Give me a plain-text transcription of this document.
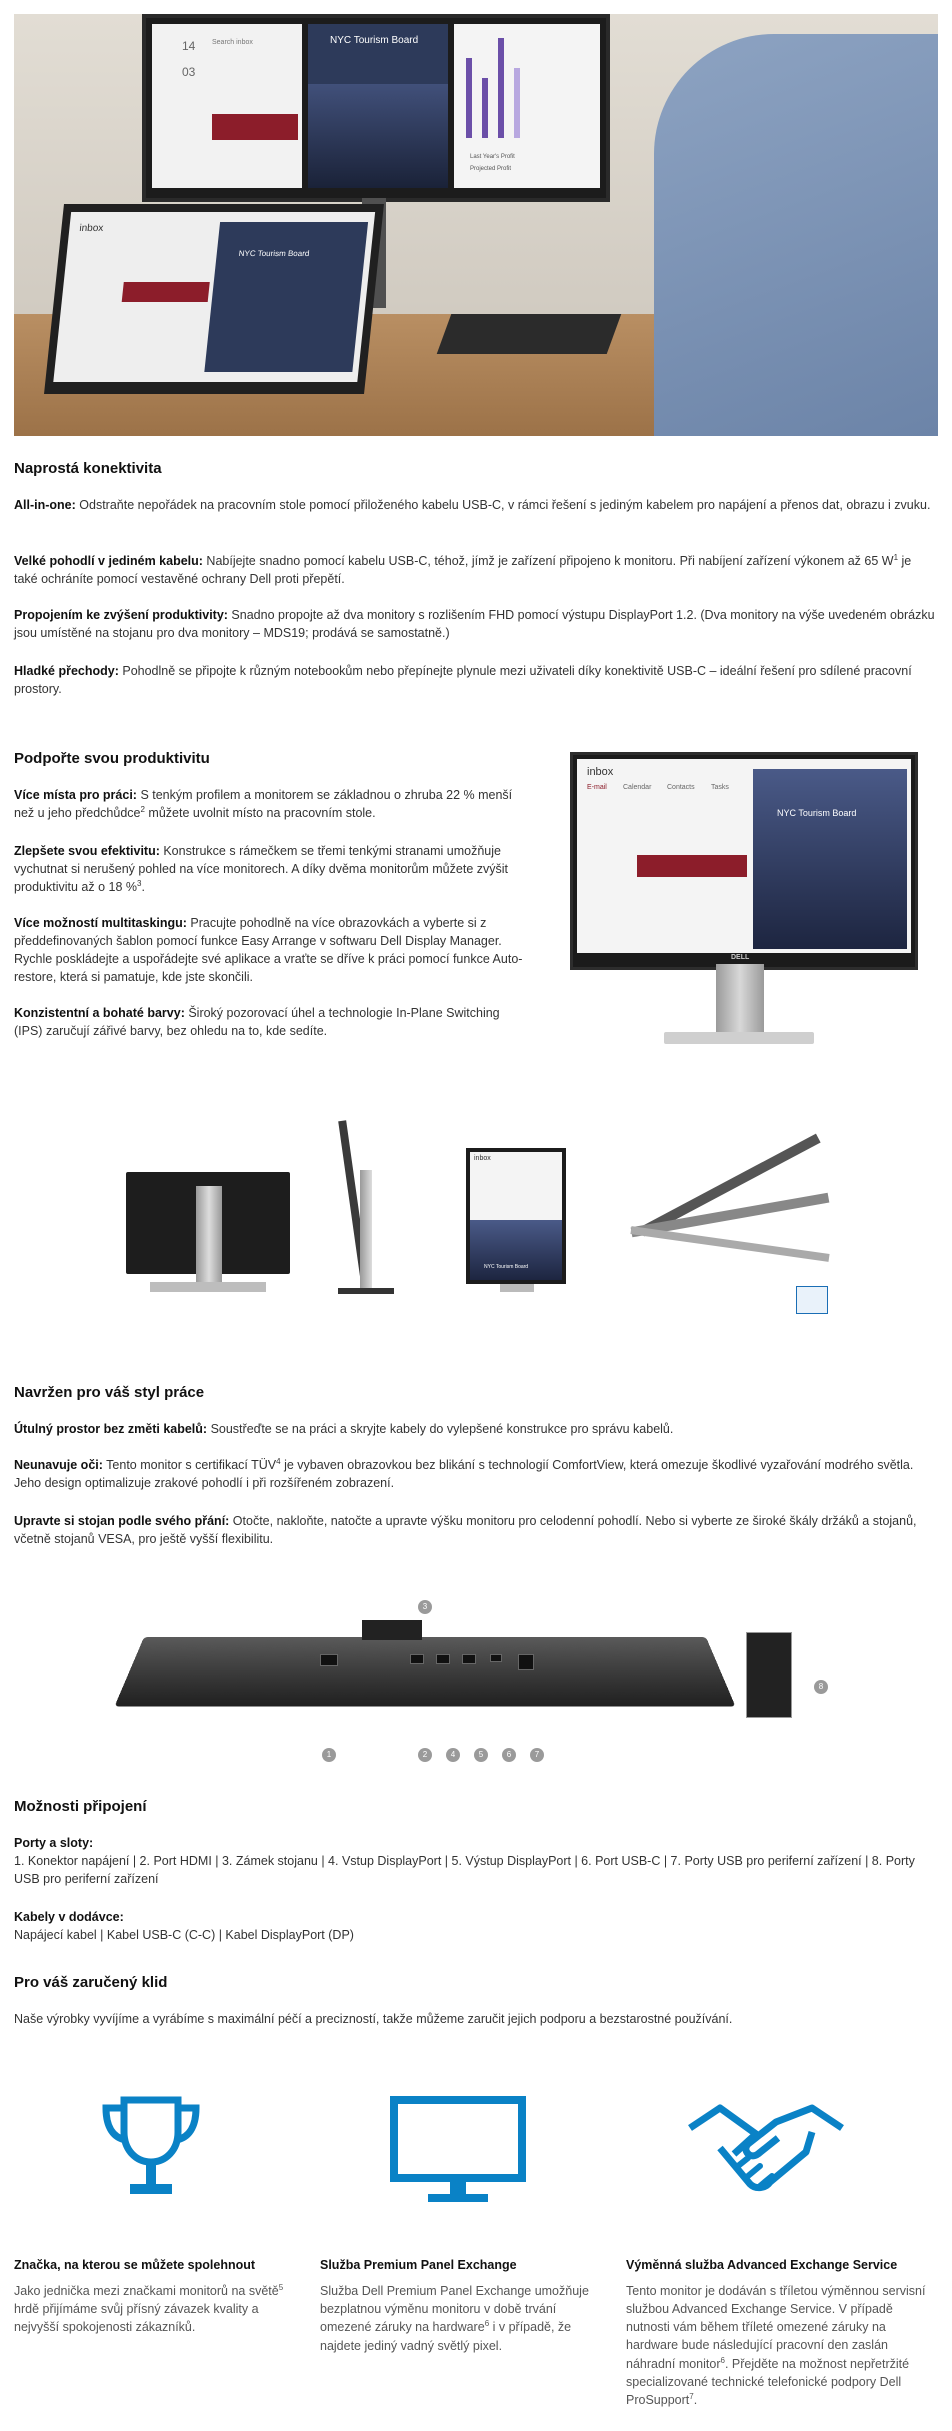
14
03
Search inbox	NYC Tourism Board
Last Year's Profit
Projected Profit
inbox
NYC Tourism Board
Naprostá konektivita

All-in-one: Odstraňte nepořádek na pracovním stole pomocí přiloženého kabelu USB-C, v rámci řešení s jediným kabelem pro napájení a přenos dat, obrazu i zvuku.

Velké pohodlí v jediném kabelu: Nabíjejte snadno pomocí kabelu USB-C, téhož, jímž je zařízení připojeno k monitoru. Při nabíjení zařízení výkonem až 65 $W^1$ je také ochráníte pomocí vestavěné ochrany Dell proti přepětí.

Propojením ke zvýšení produktivity: Snadno propojte až dva monitory s rozlišením FHD pomocí výstupu DisplayPort 1.2. (Dva monitory na výše uvedeném obrázku jsou umístěné na stojanu pro dva monitory – MDS19; prodává se samostatně.)

Hladké přechody: Pohodlně se připojte k různým notebookům nebo přepínejte plynule mezi uživateli díky konektivitě USB-C – ideální řešení pro sdílené pracovní prostory.

Podpořte svou produktivitu

Více místa pro práci: S tenkým profilem a monitorem se základnou o zhruba 22 % menší než u jeho předchůdce$^2$ můžete uvolnit místo na pracovním stole.

Zlepšete svou efektivitu: Konstrukce s rámečkem se třemi tenkými stranami umožňuje vychutnat si nerušený pohled na více monitorech. A díky dvěma monitorům můžete zvýšit produktivitu až o 18 %$^3$.

Více možností multitaskingu: Pracujte pohodlně na více obrazovkách a vyberte si z předdefinovaných šablon pomocí funkce Easy Arrange v softwaru Dell Display Manager. Rychle poskládejte a uspořádejte své aplikace a vraťte se dříve k práci pomocí funkce Auto-restore, která si pamatuje, kde jste skončili.

Konzistentní a bohaté barvy: Široký pozorovací úhel a technologie In-Plane Switching (IPS) zaručují zářivé barvy, bez ohledu na to, kde sedíte.

inbox
E-mail Calendar Contacts Tasks
NYC Tourism Board
DELL
inbox
NYC Tourism Board
Navržen pro váš styl práce

Útulný prostor bez změti kabelů: Soustřeďte se na práci a skryjte kabely do vylepšené konstrukce pro správu kabelů.

Neunavuje oči: Tento monitor s certifikací TÜV$^4$ je vybaven obrazovkou bez blikání s technologií ComfortView, která omezuje škodlivé vyzařování modrého světla. Jeho design optimalizuje zrakové pohodlí i při rozšířeném zobrazení.

Upravte si stojan podle svého přání: Otočte, nakloňte, natočte a upravte výšku monitoru pro celodenní pohodlí. Nebo si vyberte ze široké škály držáků a stojanů, včetně stojanů VESA, pro ještě vyšší flexibilitu.

1	2
3
4	5	6	7
8
Možnosti připojení

Porty a sloty:

1. Konektor napájení | 2. Port HDMI | 3. Zámek stojanu | 4. Vstup DisplayPort | 5. Výstup DisplayPort | 6. Port USB-C | 7. Porty USB pro periferní zařízení | 8. Porty USB pro periferní zařízení

Kabely v dodávce:

Napájecí kabel | Kabel USB-C (C-C) | Kabel DisplayPort (DP)

Pro váš zaručený klid

Naše výrobky vyvíjíme a vyrábíme s maximální péčí a precizností, takže můžeme zaručit jejich podporu a bezstarostné používání.

Značka, na kterou se můžete spolehnout

Jako jednička mezi značkami monitorů na světě$^5$ hrdě přijímáme svůj přísný závazek kvality a nejvyšší spokojenosti zákazníků.

Služba Premium Panel Exchange

Služba Dell Premium Panel Exchange umožňuje bezplatnou výměnu monitoru v době trvání omezené záruky na hardware$^6$ i v případě, že najdete jediný vadný světlý pixel.

Výměnná služba Advanced Exchange Service

Tento monitor je dodáván s tříletou výměnnou servisní službou Advanced Exchange Service. V případě nutnosti vám během tříleté omezené záruky na hardware bude následující pracovní den zaslán náhradní monitor$^6$. Přejděte na možnost nepřetržité specializované technické telefonické podpory Dell ProSupport$^7$.
